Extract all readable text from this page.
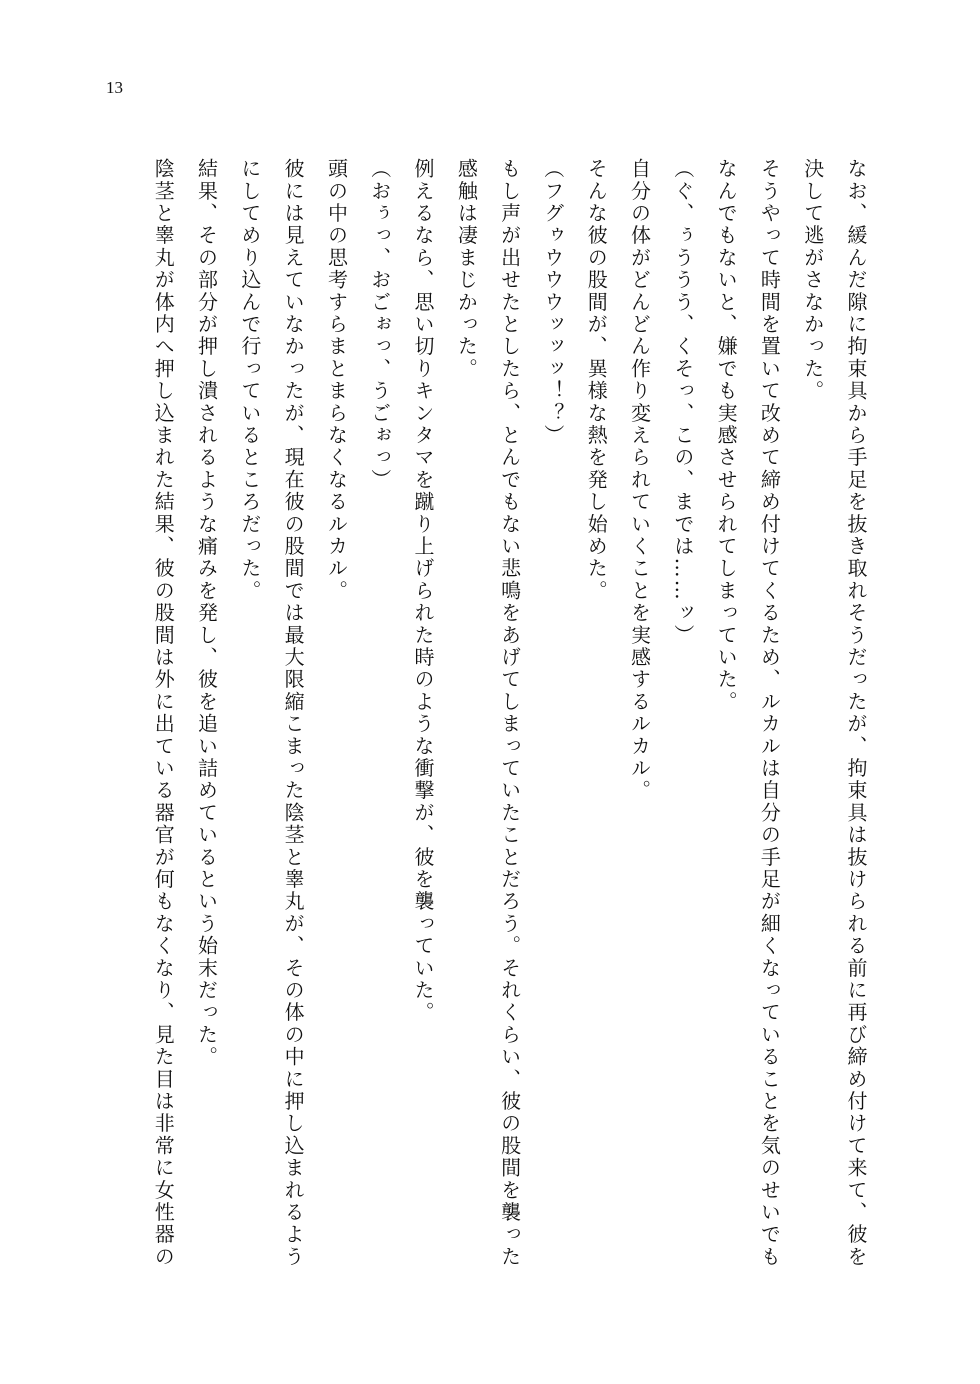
13
なお、緩んだ隙に拘束具から手足を抜き取れそうだったが、拘束具は抜けられる前に再び締め付けて来て、彼を
決して逃がさなかった。
そうやって時間を置いて改めて締め付けてくるため、ルカルは自分の手足が細くなっていることを気のせいでも
なんでもないと、嫌でも実感させられてしまっていた。
（ぐ、ぅううう、くそっ、この、までは……ッ）
自分の体がどんどん作り変えられていくことを実感するルカル。
そんな彼の股間が、異様な熱を発し始めた。
（フグゥウウウッッッ！？）
もし声が出せたとしたら、とんでもない悲鳴をあげてしまっていたことだろう。それくらい、彼の股間を襲った
感触は凄まじかった。
例えるなら、思い切りキンタマを蹴り上げられた時のような衝撃が、彼を襲っていた。
（おぅっ、おごぉっ、うごぉっ）
頭の中の思考すらまとまらなくなるルカル。
彼には見えていなかったが、現在彼の股間では最大限縮こまった陰茎と睾丸が、その体の中に押し込まれるよう
にしてめり込んで行っているところだった。
結果、その部分が押し潰されるような痛みを発し、彼を追い詰めているという始末だった。
陰茎と睾丸が体内へ押し込まれた結果、彼の股間は外に出ている器官が何もなくなり、見た目は非常に女性器の
